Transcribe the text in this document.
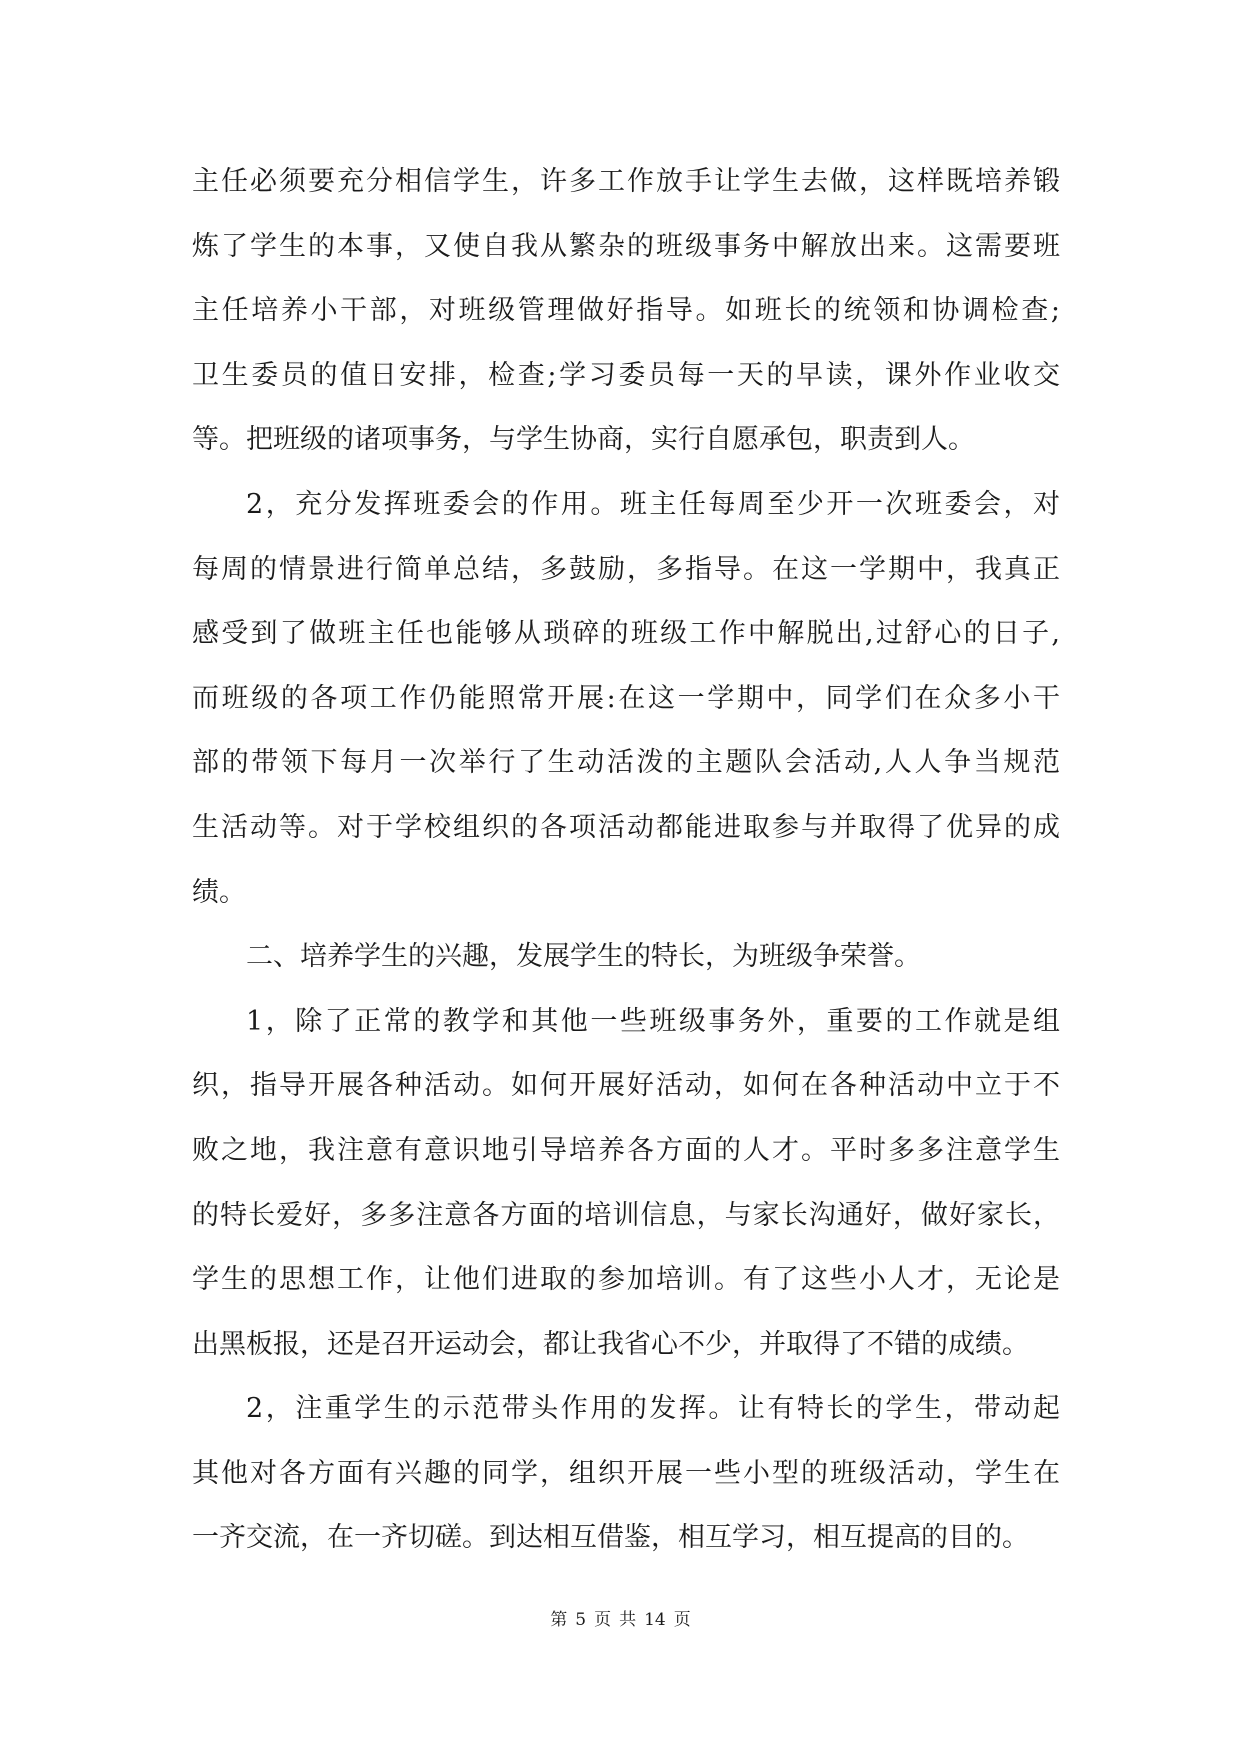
主任必须要充分相信学生，许多工作放手让学生去做，这样既培养锻
炼了学生的本事，又使自我从繁杂的班级事务中解放出来。这需要班
主任培养小干部，对班级管理做好指导。如班长的统领和协调检查;
卫生委员的值日安排，检查;学习委员每一天的早读，课外作业收交
等。把班级的诸项事务，与学生协商，实行自愿承包，职责到人。
2，充分发挥班委会的作用。班主任每周至少开一次班委会，对
每周的情景进行简单总结，多鼓励，多指导。在这一学期中，我真正
感受到了做班主任也能够从琐碎的班级工作中解脱出,过舒心的日子,
而班级的各项工作仍能照常开展:在这一学期中，同学们在众多小干
部的带领下每月一次举行了生动活泼的主题队会活动,人人争当规范
生活动等。对于学校组织的各项活动都能进取参与并取得了优异的成
绩。
二、培养学生的兴趣，发展学生的特长，为班级争荣誉。
1，除了正常的教学和其他一些班级事务外，重要的工作就是组
织，指导开展各种活动。如何开展好活动，如何在各种活动中立于不
败之地，我注意有意识地引导培养各方面的人才。平时多多注意学生
的特长爱好，多多注意各方面的培训信息，与家长沟通好，做好家长，
学生的思想工作，让他们进取的参加培训。有了这些小人才，无论是
出黑板报，还是召开运动会，都让我省心不少，并取得了不错的成绩。
2，注重学生的示范带头作用的发挥。让有特长的学生，带动起
其他对各方面有兴趣的同学，组织开展一些小型的班级活动，学生在
一齐交流，在一齐切磋。到达相互借鉴，相互学习，相互提高的目的。
第 5 页 共 14 页
